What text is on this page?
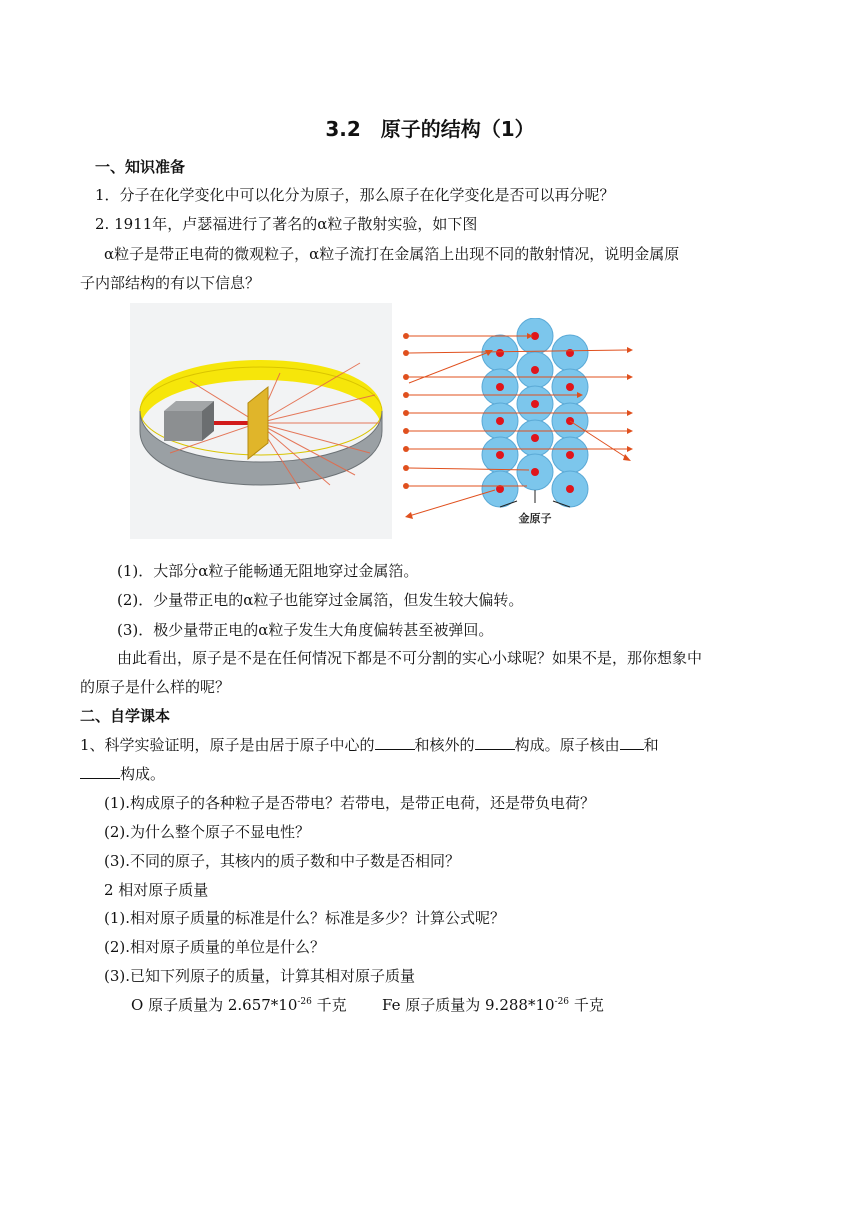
3.2　原子的结构（1）
一、知识准备
1．分子在化学变化中可以化分为原子，那么原子在化学变化是否可以再分呢？
2. 1911年，卢瑟福进行了著名的α粒子散射实验，如下图
α粒子是带正电荷的微观粒子，α粒子流打在金属箔上出现不同的散射情况，说明金属原
子内部结构的有以下信息？
金原子
(1)．大部分α粒子能畅通无阻地穿过金属箔。
(2)．少量带正电的α粒子也能穿过金属箔，但发生较大偏转。
(3)．极少量带正电的α粒子发生大角度偏转甚至被弹回。
由此看出，原子是不是在任何情况下都是不可分割的实心小球呢？如果不是，那你想象中
的原子是什么样的呢？
二、自学课本
1、科学实验证明，原子是由居于原子中心的	和核外的	构成。原子核由 和
构成。
(1).构成原子的各种粒子是否带电？若带电，是带正电荷，还是带负电荷？
(2).为什么整个原子不显电性？
(3).不同的原子，其核内的质子数和中子数是否相同？
2 相对原子质量
(1).相对原子质量的标准是什么？标准是多少？计算公式呢？
(2).相对原子质量的单位是什么？
(3).已知下列原子的质量，计算其相对原子质量
O 原子质量为 $2.657*10^{-26}$ 千克 Fe 原子质量为 $9.288*10^{-26}$ 千克
